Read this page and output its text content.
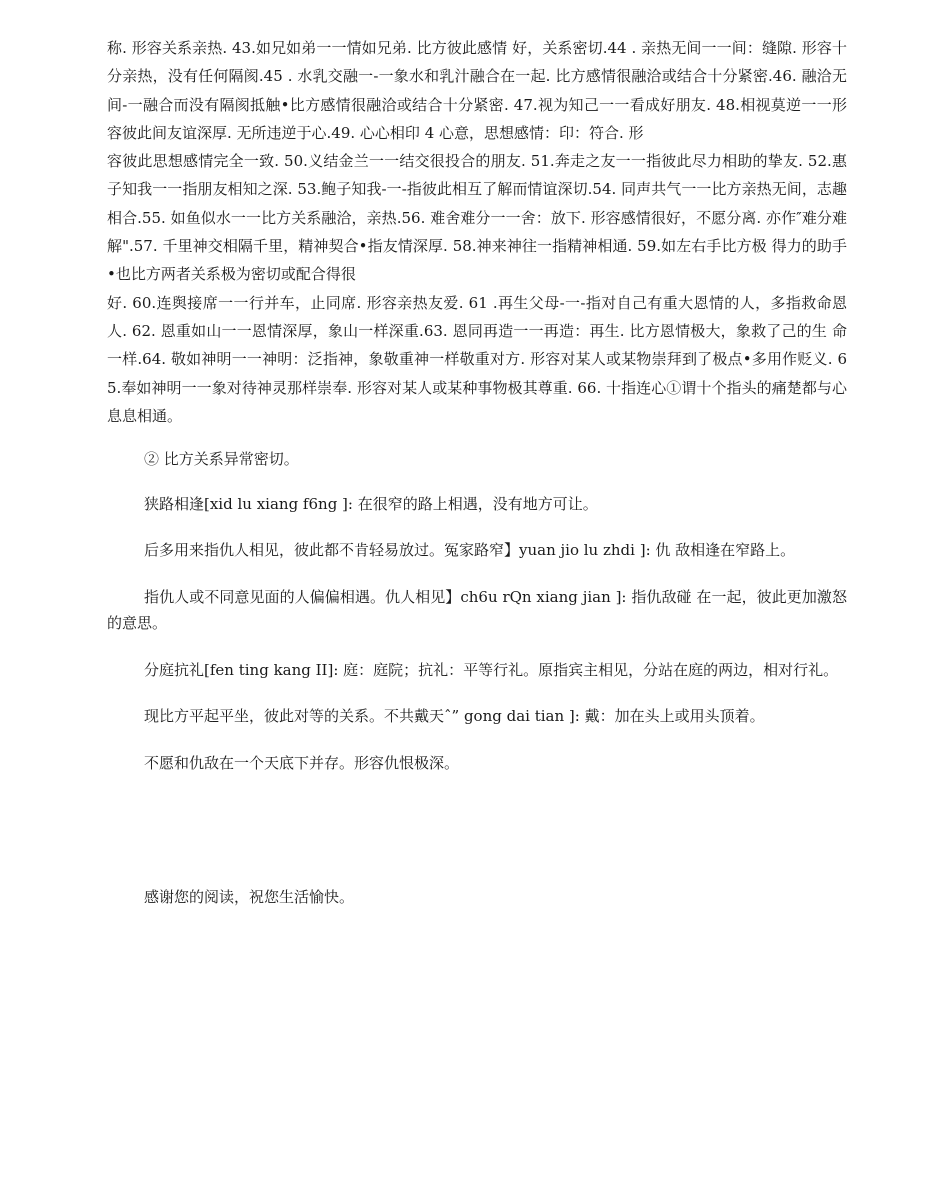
称. 形容关系亲热. 43.如兄如弟一一情如兄弟. 比方彼此感情 好，关系密切.44 . 亲热无间一一间：缝隙. 形容十分亲热，没有任何隔阂.45 . 水乳交融一-一象水和乳汁融合在一起. 比方感情很融洽或结合十分紧密.46. 融洽无间-一融合而没有隔阂抵触•比方感情很融洽或结合十分紧密. 47.视为知己一一看成好朋友. 48.相视莫逆一一形容彼此间友谊深厚. 无所违逆于心.49. 心心相印 4 心意，思想感情：印：符合. 形

容彼此思想感情完全一致. 50.义结金兰一一结交很投合的朋友. 51.奔走之友一一指彼此尽力相助的挚友. 52.惠子知我一一指朋友相知之深. 53.鲍子知我-一-指彼此相互了解而情谊深切.54. 同声共气一一比方亲热无间，志趣相合.55. 如鱼似水一一比方关系融洽，亲热.56. 难舍难分一一舍：放下. 形容感情很好，不愿分离. 亦作″难分难解".57. 千里神交相隔千里，精神契合•指友情深厚. 58.神来神往一指精神相通. 59.如左右手比方极 得力的助手•也比方两者关系极为密切或配合得很

好. 60.连舆接席一一行并车，止同席. 形容亲热友爱. 61 .再生父母-一-指对自己有重大恩情的人，多指救命恩人. 62. 恩重如山一一恩情深厚，象山一样深重.63. 恩同再造一一再造：再生. 比方恩情极大，象救了己的生 命一样.64. 敬如神明一一神明：泛指神，象敬重神一样敬重对方. 形容对某人或某物崇拜到了极点•多用作贬义. 65.奉如神明一一象对待神灵那样崇奉. 形容对某人或某种事物极其尊重. 66. 十指连心①谓十个指头的痛楚都与心息息相通。

② 比方关系异常密切。

狭路相逢[xid lu xiang f6ng ]: 在很窄的路上相遇，没有地方可让。

后多用来指仇人相见，彼此都不肯轻易放过。冤家路窄】yuan jio lu zhdi ]: 仇 敌相逢在窄路上。

指仇人或不同意见面的人偏偏相遇。仇人相见】ch6u rQn xiang jian ]: 指仇敌碰 在一起，彼此更加激怒的意思。

分庭抗礼[fen ting kang II]: 庭：庭院；抗礼：平等行礼。原指宾主相见，分站在庭的两边，相对行礼。

现比方平起平坐，彼此对等的关系。不共戴天ˆ” gong dai tian ]: 戴：加在头上或用头顶着。

不愿和仇敌在一个天底下并存。形容仇恨极深。

感谢您的阅读，祝您生活愉快。
